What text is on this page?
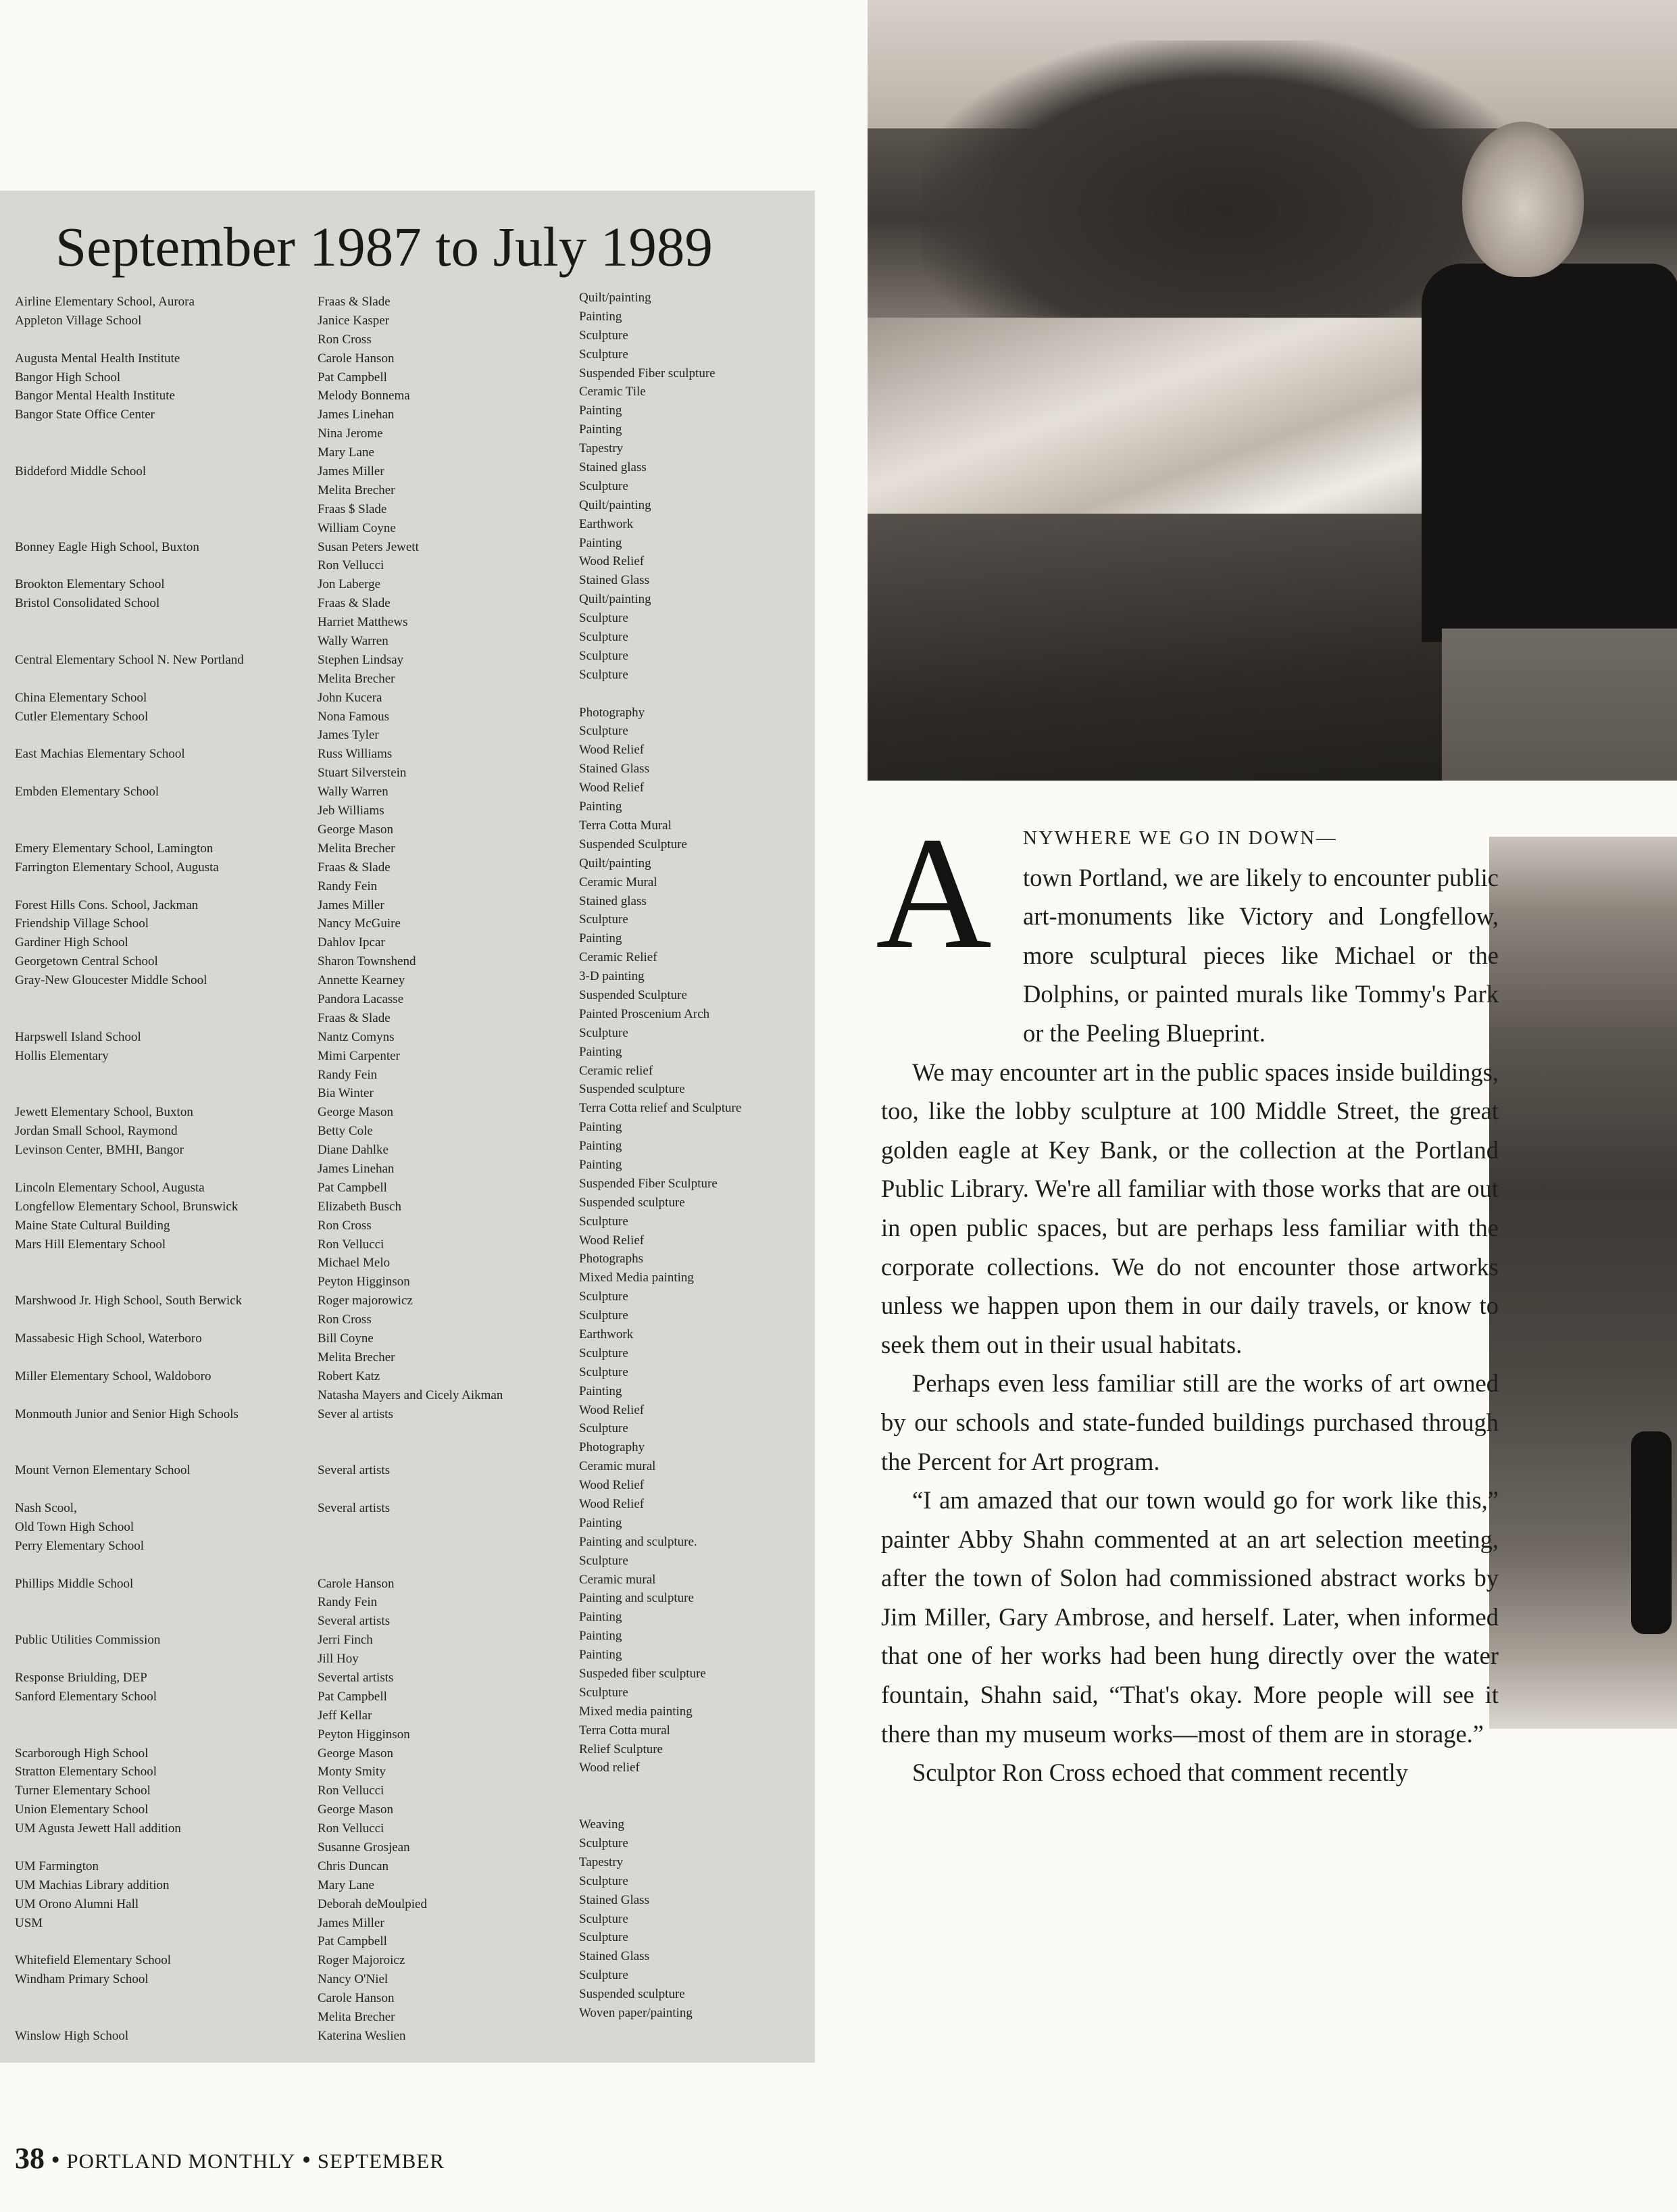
September 1987 to July 1989
Airline Elementary School, Aurora
Appleton Village School
Augusta Mental Health Institute
Bangor High School
Bangor Mental Health Institute
Bangor State Office Center
Biddeford Middle School
Bonney Eagle High School, Buxton
Brookton Elementary School
Bristol Consolidated School
Central Elementary School N. New Portland
China Elementary School
Cutler Elementary School
East Machias Elementary School
Embden Elementary School
Emery Elementary School, Lamington
Farrington Elementary School, Augusta
Forest Hills Cons. School, Jackman
Friendship Village School
Gardiner High School
Georgetown Central School
Gray-New Gloucester Middle School
Harpswell Island School
Hollis Elementary
Jewett Elementary School, Buxton
Jordan Small School, Raymond
Levinson Center, BMHI, Bangor
Lincoln Elementary School, Augusta
Longfellow Elementary School, Brunswick
Maine State Cultural Building
Mars Hill Elementary School
Marshwood Jr. High School, South Berwick
Massabesic High School, Waterboro
Miller Elementary School, Waldoboro
Monmouth Junior and Senior High Schools
Mount Vernon Elementary School
Nash Scool,
Old Town High School
Perry Elementary School
Phillips Middle School
Public Utilities Commission
Response Briulding, DEP
Sanford Elementary School
Scarborough High School
Stratton Elementary School
Turner Elementary School
Union Elementary School
UM Agusta Jewett Hall addition
UM Farmington
UM Machias Library addition
UM Orono Alumni Hall
USM
Whitefield Elementary School
Windham Primary School
Winslow High School
Fraas & Slade
Janice Kasper
Ron Cross
Carole Hanson
Pat Campbell
Melody Bonnema
James Linehan
Nina Jerome
Mary Lane
James Miller
Melita Brecher
Fraas $ Slade
William Coyne
Susan Peters Jewett
Ron Vellucci
Jon Laberge
Fraas & Slade
Harriet Matthews
Wally Warren
Stephen Lindsay
Melita Brecher
John Kucera
Nona Famous
James Tyler
Russ Williams
Stuart Silverstein
Wally Warren
Jeb Williams
George Mason
Melita Brecher
Fraas & Slade
Randy Fein
James Miller
Nancy McGuire
Dahlov Ipcar
Sharon Townshend
Annette Kearney
Pandora Lacasse
Fraas & Slade
Nantz Comyns
Mimi Carpenter
Randy Fein
Bia Winter
George Mason
Betty Cole
Diane Dahlke
James Linehan
Pat Campbell
Elizabeth Busch
Ron Cross
Ron Vellucci
Michael Melo
Peyton Higginson
Roger majorowicz
Ron Cross
Bill Coyne
Melita Brecher
Robert Katz
Natasha Mayers and Cicely Aikman
Sever al artists
Several artists
Several artists
Carole Hanson
Randy Fein
Several artists
Jerri Finch
Jill Hoy
Severtal artists
Pat Campbell
Jeff Kellar
Peyton Higginson
George Mason
Monty Smity
Ron Vellucci
George Mason
Ron Vellucci
Susanne Grosjean
Chris Duncan
Mary Lane
Deborah deMoulpied
James Miller
Pat Campbell
Roger Majoroicz
Nancy O'Niel
Carole Hanson
Melita Brecher
Katerina Weslien
Quilt/painting
Painting
Sculpture
Sculpture
Suspended Fiber sculpture
Ceramic Tile
Painting
Painting
Tapestry
Stained glass
Sculpture
Quilt/painting
Earthwork
Painting
Wood Relief
Stained Glass
Quilt/painting
Sculpture
Sculpture
Sculpture
Sculpture
Photography
Sculpture
Wood Relief
Stained Glass
Wood Relief
Painting
Terra Cotta Mural
Suspended Sculpture
Quilt/painting
Ceramic Mural
Stained glass
Sculpture
Painting
Ceramic Relief
3-D painting
Suspended Sculpture
Painted Proscenium Arch
Sculpture
Painting
Ceramic relief
Suspended sculpture
Terra Cotta relief and Sculpture
Painting
Painting
Painting
Suspended Fiber Sculpture
Suspended sculpture
Sculpture
Wood Relief
Photographs
Mixed Media painting
Sculpture
Sculpture
Earthwork
Sculpture
Sculpture
Painting
Wood Relief
Sculpture
Photography
Ceramic mural
Wood Relief
Wood Relief
Painting
Painting and sculpture.
Sculpture
Ceramic mural
Painting and sculpture
Painting
Painting
Painting
Suspeded fiber sculpture
Sculpture
Mixed media painting
Terra Cotta mural
Relief Sculpture
Wood relief
Weaving
Sculpture
Tapestry
Sculpture
Stained Glass
Sculpture
Sculpture
Stained Glass
Sculpture
Suspended sculpture
Woven paper/painting
A NYWHERE WE GO IN DOWN—
town Portland, we are likely to encounter public art-monuments like Victory and Longfellow, more sculptural pieces like Michael or the Dolphins, or painted murals like Tommy's Park or the Peeling Blueprint.

We may encounter art in the public spaces inside buildings, too, like the lobby sculpture at 100 Middle Street, the great golden eagle at Key Bank, or the collection at the Portland Public Library. We're all familiar with those works that are out in open public spaces, but are perhaps less familiar with the corporate collections. We do not encounter those artworks unless we happen upon them in our daily travels, or know to seek them out in their usual habitats.

Perhaps even less familiar still are the works of art owned by our schools and state-funded buildings purchased through the Percent for Art program.

“I am amazed that our town would go for work like this,” painter Abby Shahn commented at an art selection meeting, after the town of Solon had commissioned abstract works by Jim Miller, Gary Ambrose, and herself. Later, when informed that one of her works had been hung directly over the water fountain, Shahn said, “That's okay. More people will see it there than my museum works—most of them are in storage.”

Sculptor Ron Cross echoed that comment recently

38 • PORTLAND MONTHLY • SEPTEMBER
